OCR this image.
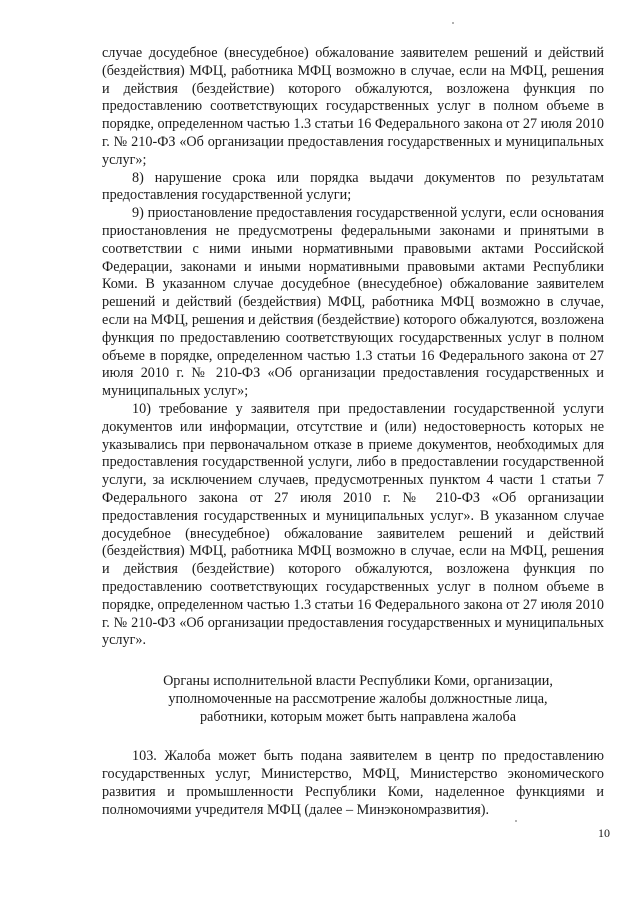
случае досудебное (внесудебное) обжалование заявителем решений и действий (бездействия) МФЦ, работника МФЦ возможно в случае, если на МФЦ, решения и действия (бездействие) которого обжалуются, возложена функция по предоставлению соответствующих государственных услуг в полном объеме в порядке, определенном частью 1.3 статьи 16 Федерального закона от 27 июля 2010 г. № 210-ФЗ «Об организации предоставления государственных и муниципальных услуг»;

8) нарушение срока или порядка выдачи документов по результатам предоставления государственной услуги;

9) приостановление предоставления государственной услуги, если основания приостановления не предусмотрены федеральными законами и принятыми в соответствии с ними иными нормативными правовыми актами Российской Федерации, законами и иными нормативными правовыми актами Республики Коми. В указанном случае досудебное (внесудебное) обжалование заявителем решений и действий (бездействия) МФЦ, работника МФЦ возможно в случае, если на МФЦ, решения и действия (бездействие) которого обжалуются, возложена функция по предоставлению соответствующих государственных услуг в полном объеме в порядке, определенном частью 1.3 статьи 16 Федерального закона от 27 июля 2010 г. № 210-ФЗ «Об организации предоставления государственных и муниципальных услуг»;

10) требование у заявителя при предоставлении государственной услуги документов или информации, отсутствие и (или) недостоверность которых не указывались при первоначальном отказе в приеме документов, необходимых для предоставления государственной услуги, либо в предоставлении государственной услуги, за исключением случаев, предусмотренных пунктом 4 части 1 статьи 7 Федерального закона от 27 июля 2010 г. № 210-ФЗ «Об организации предоставления государственных и муниципальных услуг». В указанном случае досудебное (внесудебное) обжалование заявителем решений и действий (бездействия) МФЦ, работника МФЦ возможно в случае, если на МФЦ, решения и действия (бездействие) которого обжалуются, возложена функция по предоставлению соответствующих государственных услуг в полном объеме в порядке, определенном частью 1.3 статьи 16 Федерального закона от 27 июля 2010 г. № 210-ФЗ «Об организации предоставления государственных и муниципальных услуг».

Органы исполнительной власти Республики Коми, организации,
уполномоченные на рассмотрение жалобы должностные лица,
работники, которым может быть направлена жалоба

103. Жалоба может быть подана заявителем в центр по предоставлению государственных услуг, Министерство, МФЦ, Министерство экономического развития и промышленности Республики Коми, наделенное функциями и полномочиями учредителя МФЦ (далее – Минэкономразвития).

10
